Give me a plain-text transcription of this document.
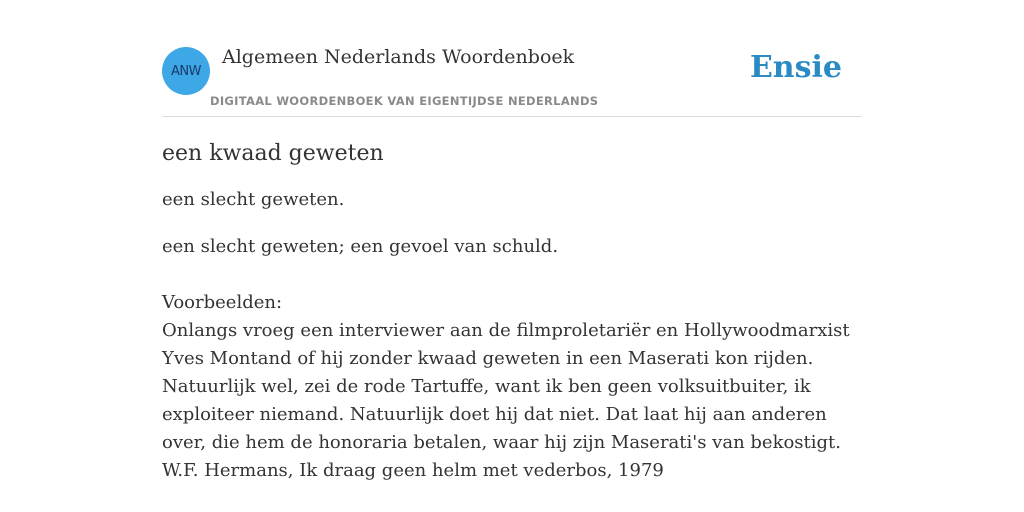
ANW
Algemeen Nederlands Woordenboek
DIGITAAL WOORDENBOEK VAN EIGENTIJDSE NEDERLANDS
Ensie
een kwaad geweten

een slecht geweten.

een slecht geweten; een gevoel van schuld.

Voorbeelden:
Onlangs vroeg een interviewer aan de filmproletariër en Hollywoodmarxist Yves Montand of hij zonder kwaad geweten in een Maserati kon rijden. Natuurlijk wel, zei de rode Tartuffe, want ik ben geen volksuitbuiter, ik exploiteer niemand. Natuurlijk doet hij dat niet. Dat laat hij aan anderen over, die hem de honoraria betalen, waar hij zijn Maserati's van bekostigt.
W.F. Hermans, Ik draag geen helm met vederbos, 1979
